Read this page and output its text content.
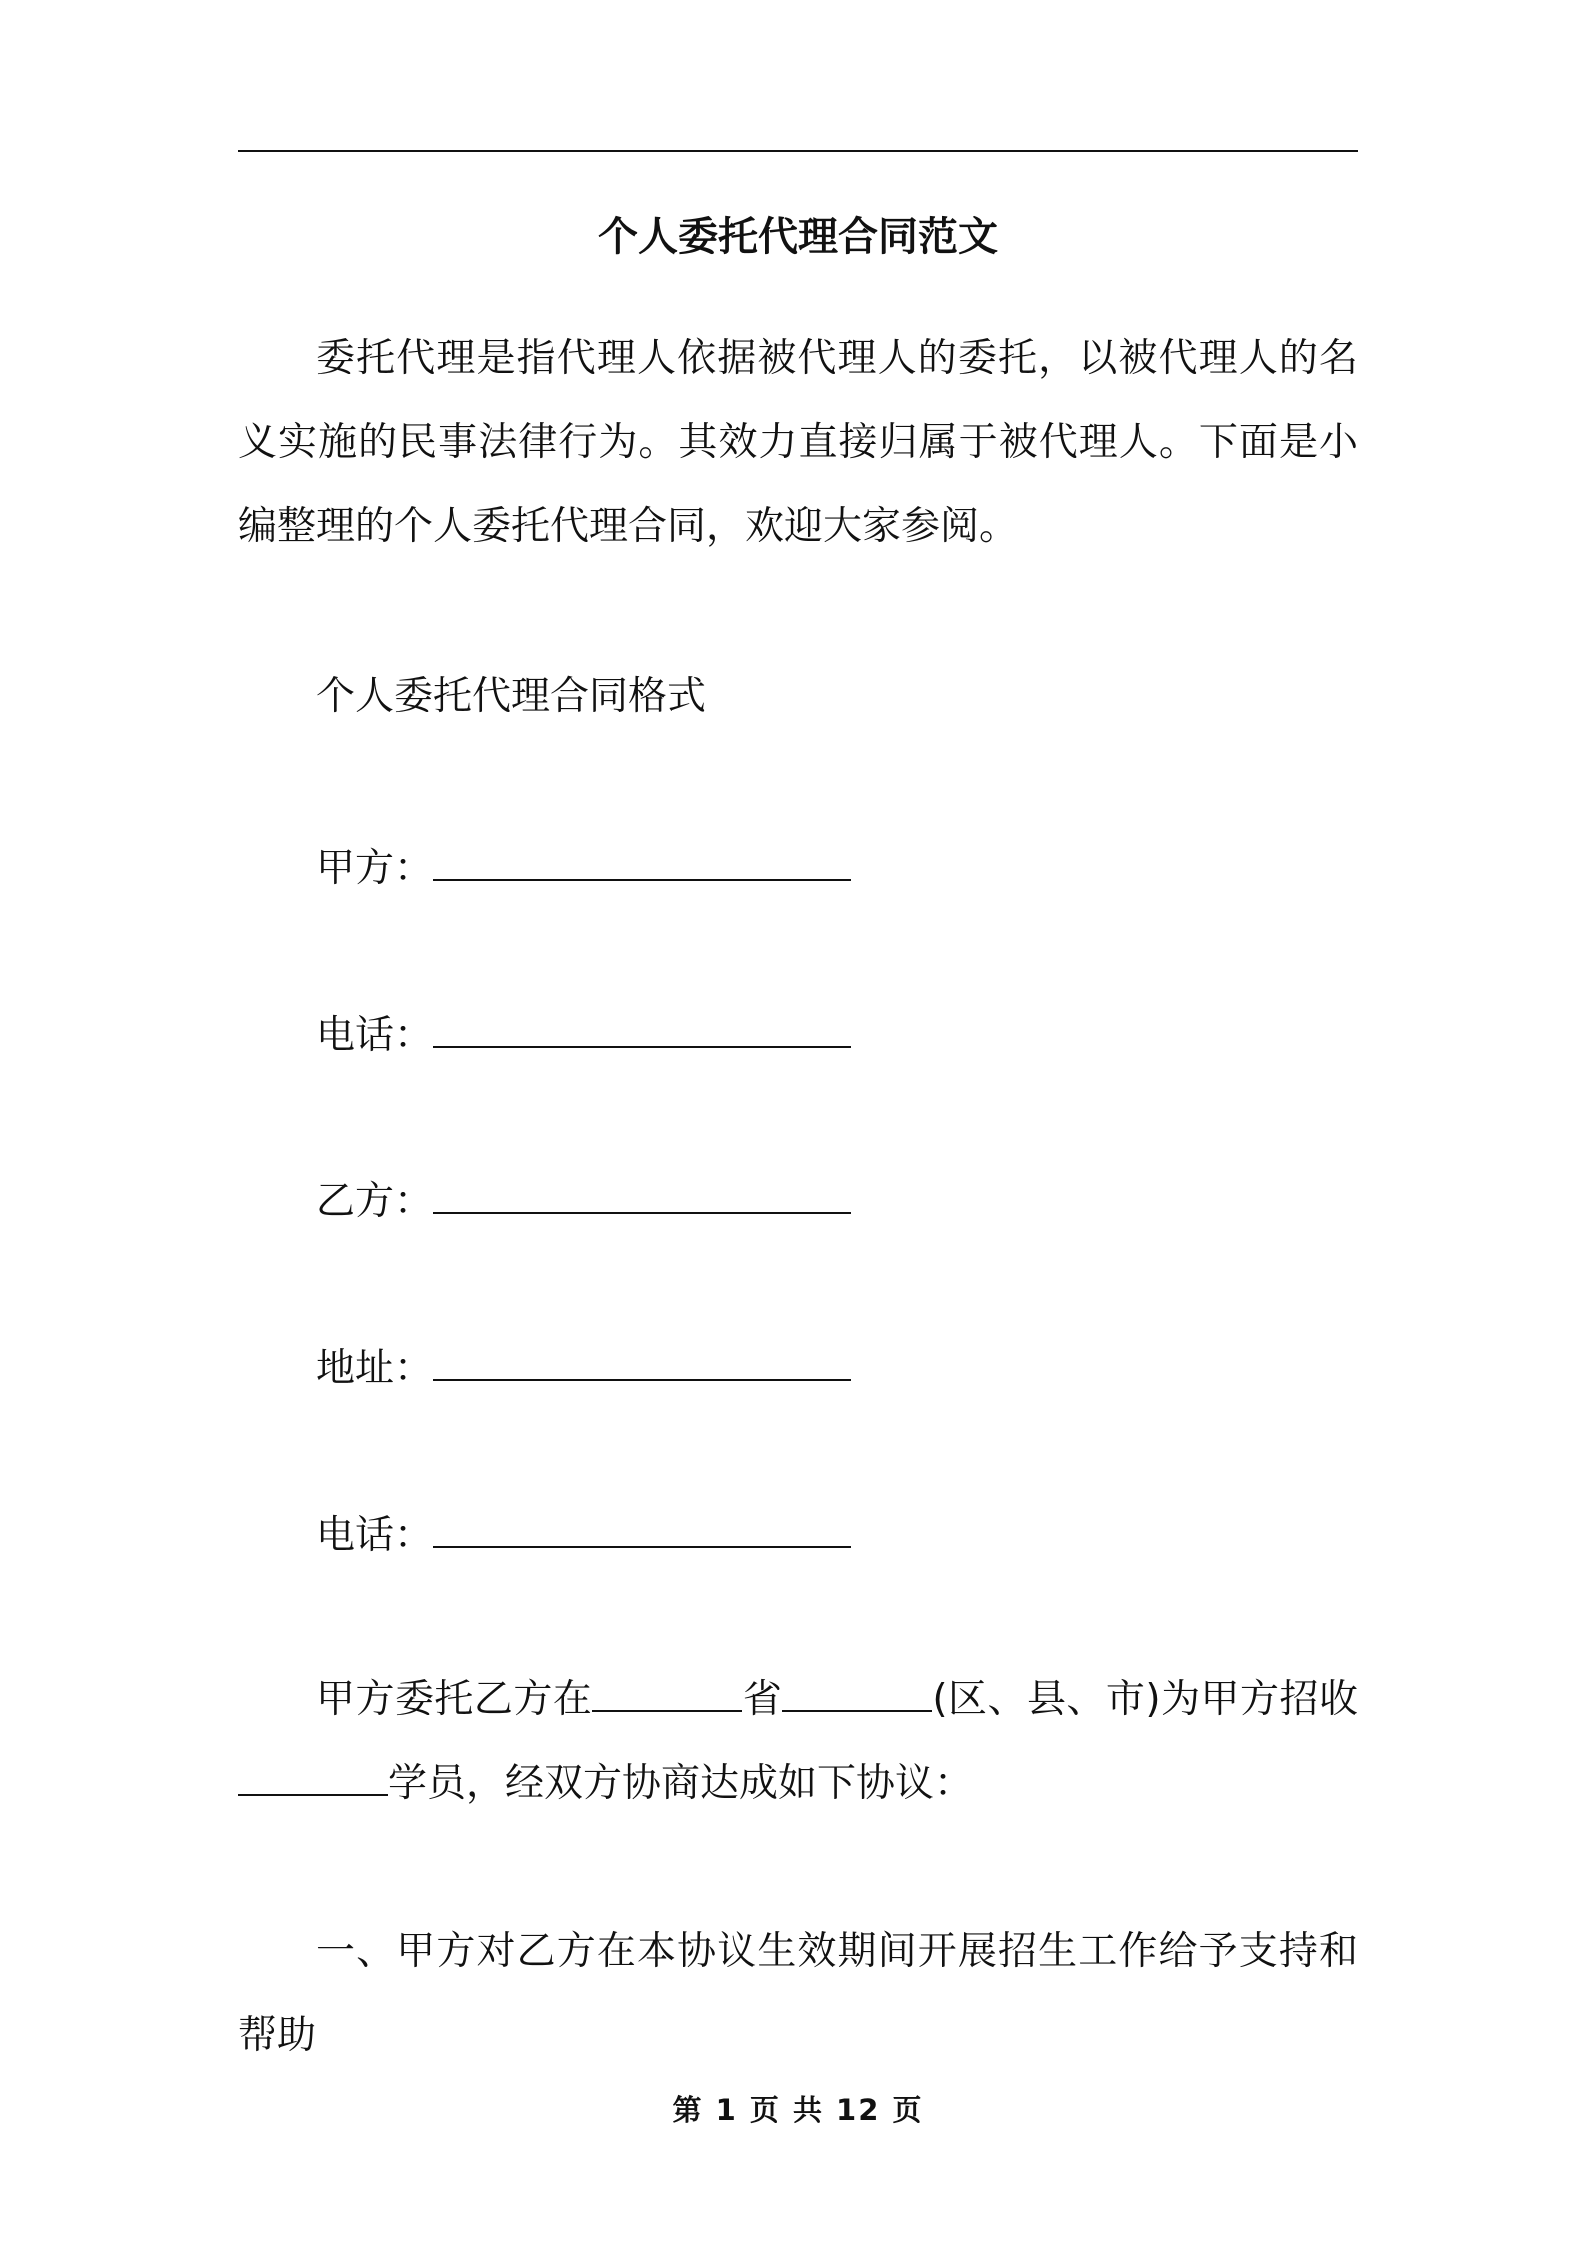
个人委托代理合同范文

委托代理是指代理人依据被代理人的委托，以被代理人的名义实施的民事法律行为。其效力直接归属于被代理人。下面是小编整理的个人委托代理合同，欢迎大家参阅。

个人委托代理合同格式

甲方：
电话：
乙方：
地址：
电话：

甲方委托乙方在	省	(区、县、市)为甲方招收学员，经双方协商达成如下协议：

一、甲方对乙方在本协议生效期间开展招生工作给予支持和帮助

第 1 页 共 12 页
